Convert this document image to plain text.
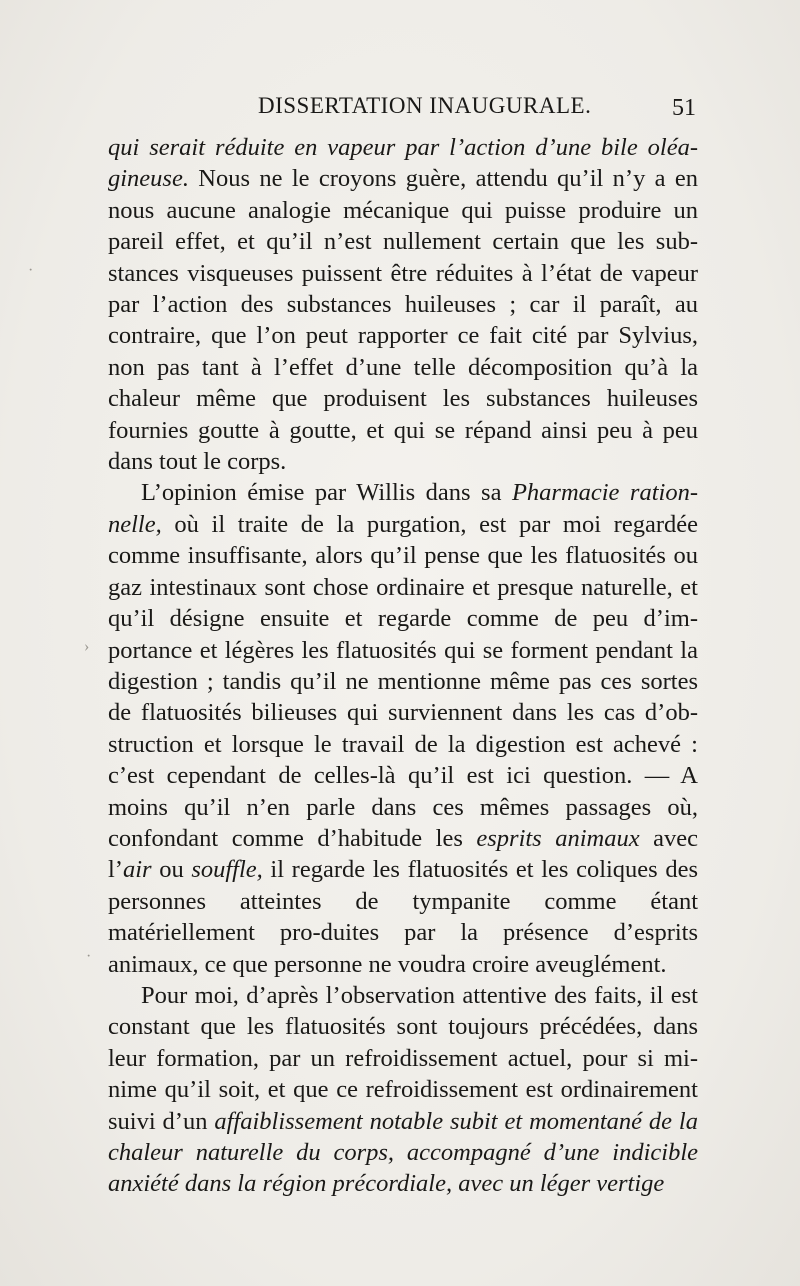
DISSERTATION INAUGURALE.	51

qui serait réduite en vapeur par l’action d’une bile oléa-gineuse. Nous ne le croyons guère, attendu qu’il n’y a en nous aucune analogie mécanique qui puisse produire un pareil effet, et qu’il n’est nullement certain que les sub-stances visqueuses puissent être réduites à l’état de vapeur par l’action des substances huileuses ; car il paraît, au contraire, que l’on peut rapporter ce fait cité par Sylvius, non pas tant à l’effet d’une telle décomposition qu’à la chaleur même que produisent les substances huileuses fournies goutte à goutte, et qui se répand ainsi peu à peu dans tout le corps.

L’opinion émise par Willis dans sa Pharmacie ration-nelle, où il traite de la purgation, est par moi regardée comme insuffisante, alors qu’il pense que les flatuosités ou gaz intestinaux sont chose ordinaire et presque naturelle, et qu’il désigne ensuite et regarde comme de peu d’im-portance et légères les flatuosités qui se forment pendant la digestion ; tandis qu’il ne mentionne même pas ces sortes de flatuosités bilieuses qui surviennent dans les cas d’ob-struction et lorsque le travail de la digestion est achevé : c’est cependant de celles-là qu’il est ici question. — A moins qu’il n’en parle dans ces mêmes passages où, confondant comme d’habitude les esprits animaux avec l’air ou souffle, il regarde les flatuosités et les coliques des personnes atteintes de tympanite comme étant matériellement pro-duites par la présence d’esprits animaux, ce que personne ne voudra croire aveuglément.

Pour moi, d’après l’observation attentive des faits, il est constant que les flatuosités sont toujours précédées, dans leur formation, par un refroidissement actuel, pour si mi-nime qu’il soit, et que ce refroidissement est ordinairement suivi d’un affaiblissement notable subit et momentané de la chaleur naturelle du corps, accompagné d’une indicible anxiété dans la région précordiale, avec un léger vertige

·
›
·
